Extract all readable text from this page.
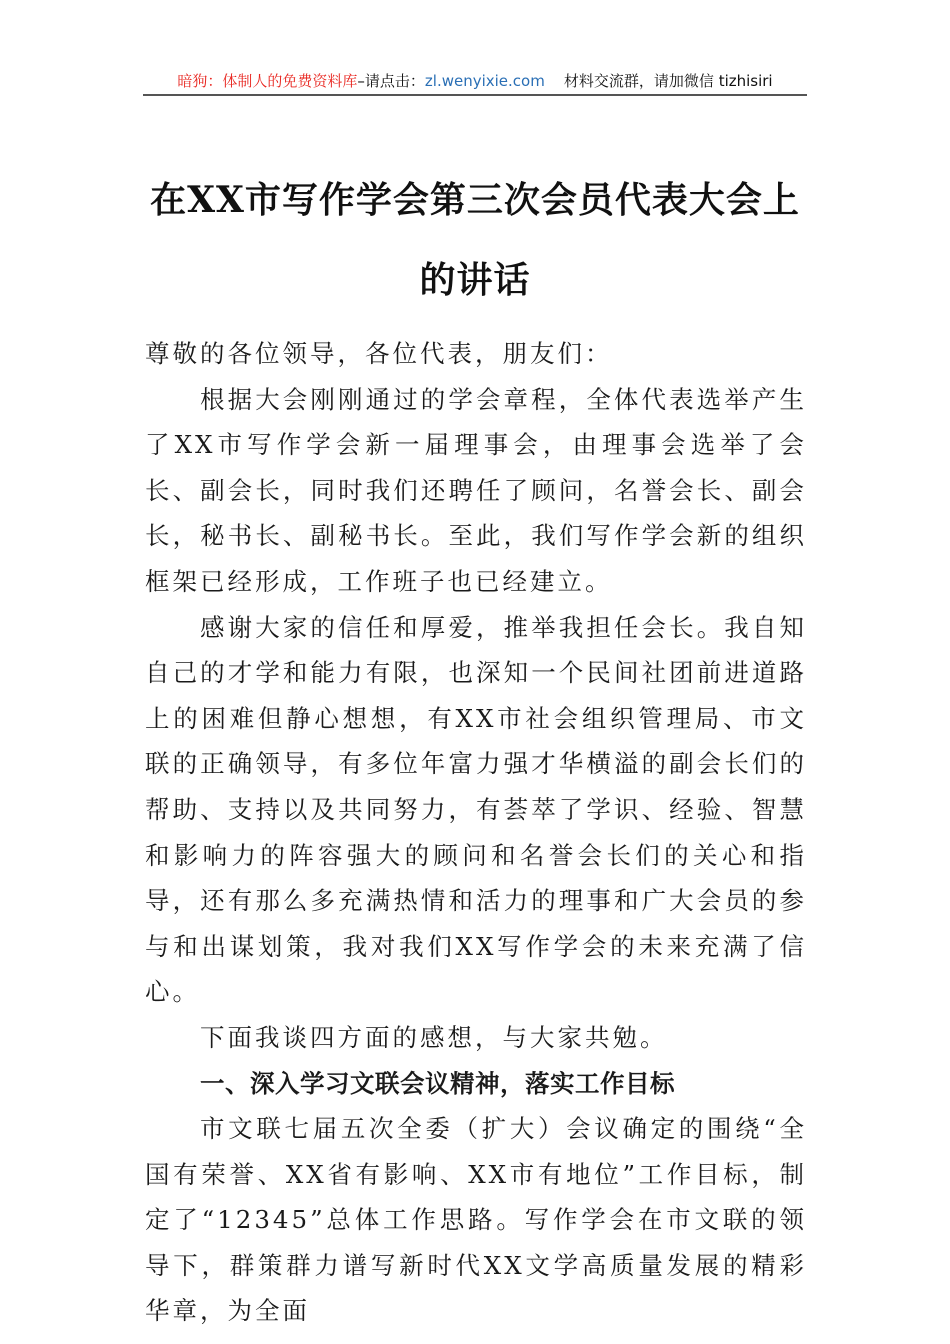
暗狗：体制人的免费资料库–请点击：zl.wenyixie.com 材料交流群，请加微信 tizhisiri
在XX市写作学会第三次会员代表大会上的讲话

尊敬的各位领导，各位代表，朋友们：

根据大会刚刚通过的学会章程，全体代表选举产生了XX市写作学会新一届理事会，由理事会选举了会长、副会长，同时我们还聘任了顾问，名誉会长、副会长，秘书长、副秘书长。至此，我们写作学会新的组织框架已经形成，工作班子也已经建立。

感谢大家的信任和厚爱，推举我担任会长。我自知自己的才学和能力有限，也深知一个民间社团前进道路上的困难但静心想想，有XX市社会组织管理局、市文联的正确领导，有多位年富力强才华横溢的副会长们的帮助、支持以及共同努力，有荟萃了学识、经验、智慧和影响力的阵容强大的顾问和名誉会长们的关心和指导，还有那么多充满热情和活力的理事和广大会员的参与和出谋划策，我对我们XX写作学会的未来充满了信心。

下面我谈四方面的感想，与大家共勉。

一、深入学习文联会议精神，落实工作目标

市文联七届五次全委（扩大）会议确定的围绕“全国有荣誉、XX省有影响、XX市有地位”工作目标，制定了“12345”总体工作思路。写作学会在市文联的领导下，群策群力谱写新时代XX文学高质量发展的精彩华章，为全面
